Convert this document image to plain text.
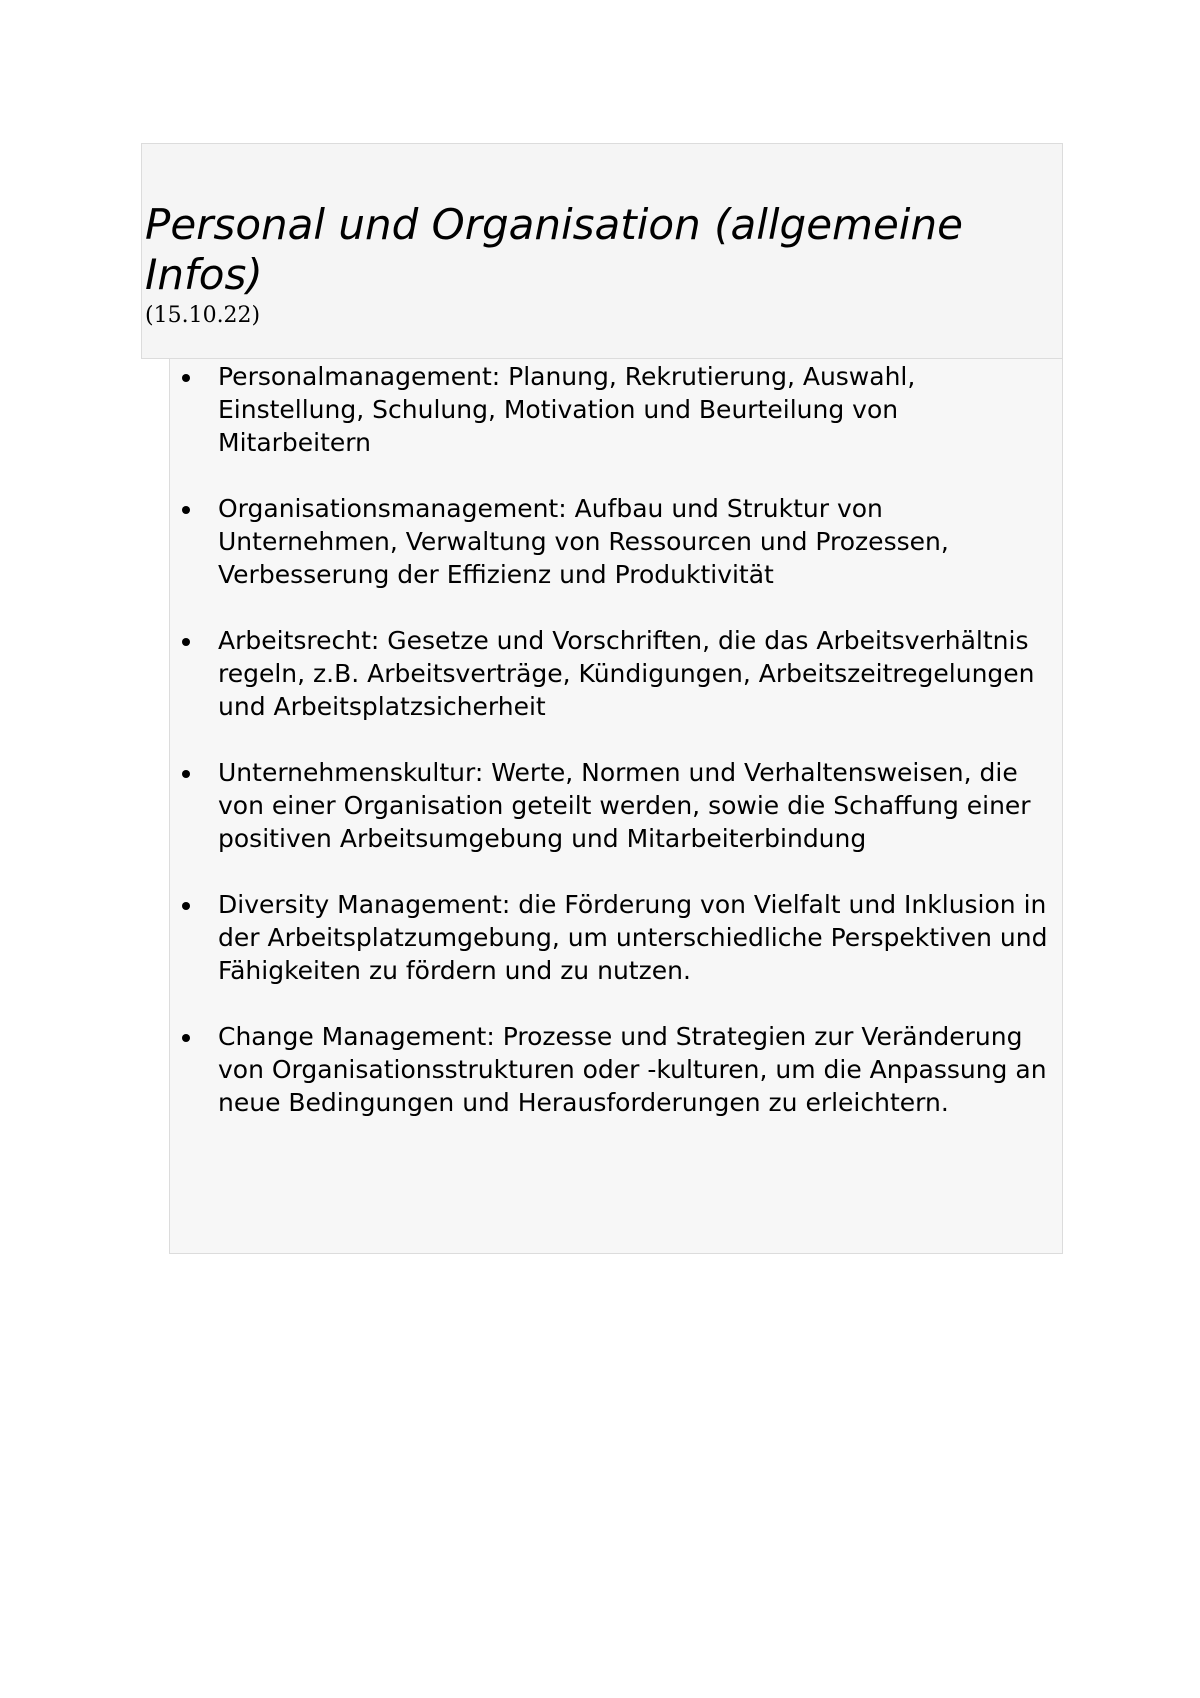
Personal und Organisation (allgemeine Infos)
(15.10.22)
Personalmanagement: Planung, Rekrutierung, Auswahl, Einstellung, Schulung, Motivation und Beurteilung von Mitarbeitern
Organisationsmanagement: Aufbau und Struktur von Unternehmen, Verwaltung von Ressourcen und Prozessen, Verbesserung der Effizienz und Produktivität
Arbeitsrecht: Gesetze und Vorschriften, die das Arbeitsverhältnis regeln, z.B. Arbeitsverträge, Kündigungen, Arbeitszeitregelungen und Arbeitsplatzsicherheit
Unternehmenskultur: Werte, Normen und Verhaltensweisen, die von einer Organisation geteilt werden, sowie die Schaffung einer positiven Arbeitsumgebung und Mitarbeiterbindung
Diversity Management: die Förderung von Vielfalt und Inklusion in der Arbeitsplatzumgebung, um unterschiedliche Perspektiven und Fähigkeiten zu fördern und zu nutzen.
Change Management: Prozesse und Strategien zur Veränderung von Organisationsstrukturen oder -kulturen, um die Anpassung an neue Bedingungen und Herausforderungen zu erleichtern.
